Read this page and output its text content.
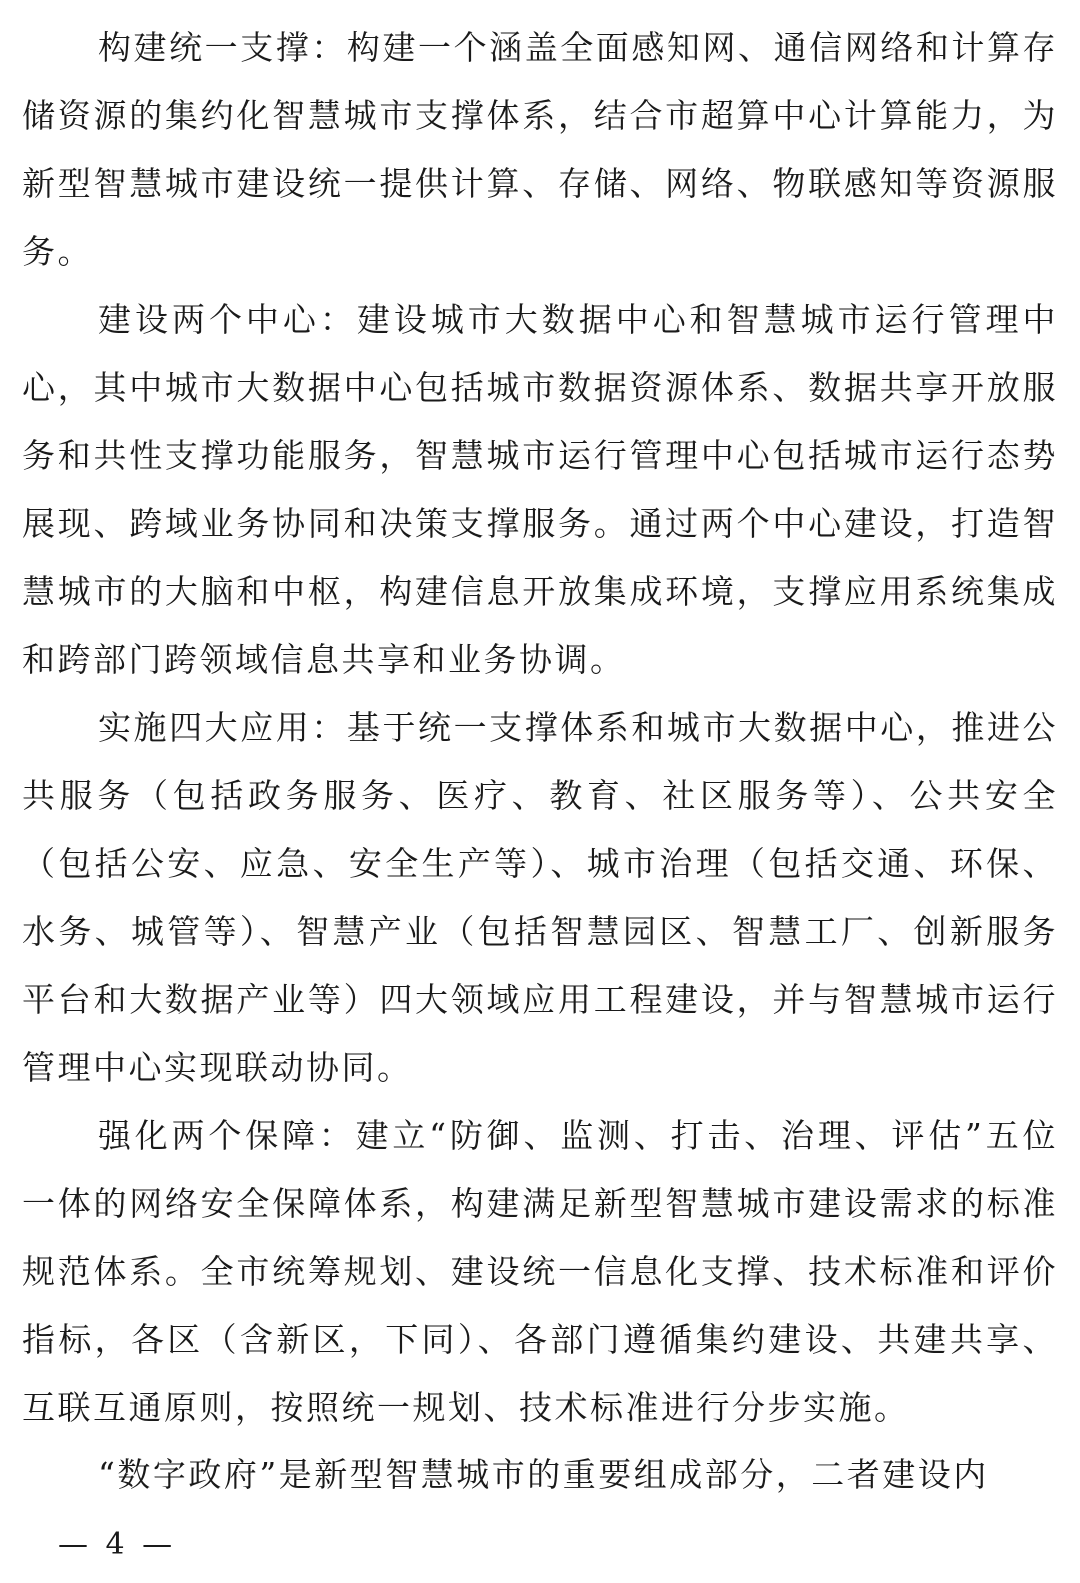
构建统一支撑：构建一个涵盖全面感知网、通信网络和计算存储资源的集约化智慧城市支撑体系，结合市超算中心计算能力，为新型智慧城市建设统一提供计算、存储、网络、物联感知等资源服务。

建设两个中心：建设城市大数据中心和智慧城市运行管理中心，其中城市大数据中心包括城市数据资源体系、数据共享开放服务和共性支撑功能服务，智慧城市运行管理中心包括城市运行态势展现、跨域业务协同和决策支撑服务。通过两个中心建设，打造智慧城市的大脑和中枢，构建信息开放集成环境，支撑应用系统集成和跨部门跨领域信息共享和业务协调。

实施四大应用：基于统一支撑体系和城市大数据中心，推进公共服务（包括政务服务、医疗、教育、社区服务等）、公共安全（包括公安、应急、安全生产等）、城市治理（包括交通、环保、水务、城管等）、智慧产业（包括智慧园区、智慧工厂、创新服务平台和大数据产业等）四大领域应用工程建设，并与智慧城市运行管理中心实现联动协同。

强化两个保障：建立“防御、监测、打击、治理、评估”五位一体的网络安全保障体系，构建满足新型智慧城市建设需求的标准规范体系。全市统筹规划、建设统一信息化支撑、技术标准和评价指标，各区（含新区，下同）、各部门遵循集约建设、共建共享、互联互通原则，按照统一规划、技术标准进行分步实施。

“数字政府”是新型智慧城市的重要组成部分，二者建设内

— 4 —
